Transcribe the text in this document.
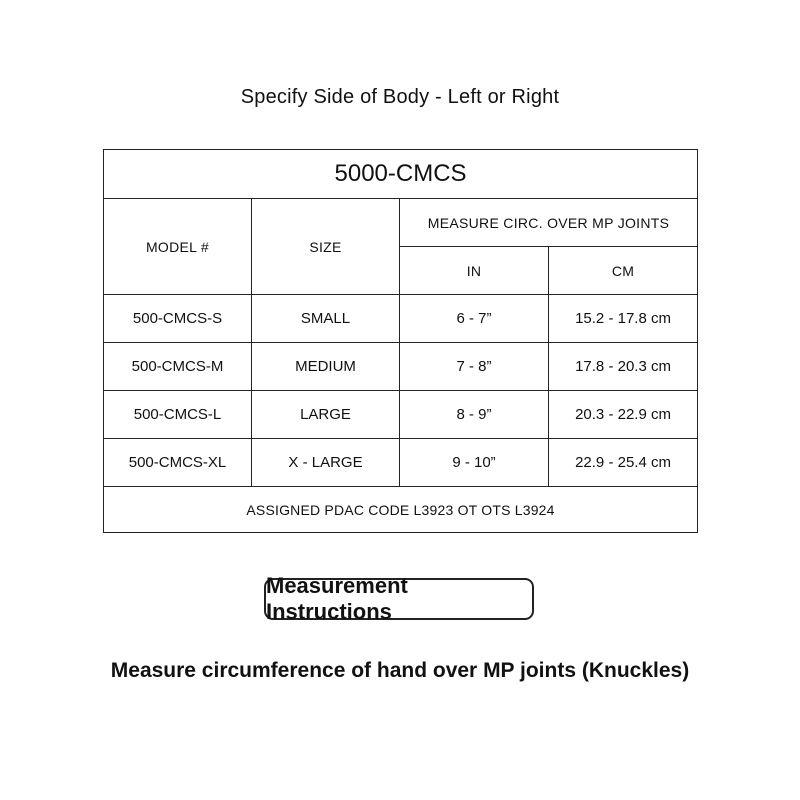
Specify Side of Body - Left or Right
5000-CMCS			
MODEL #	SIZE	MEASURE CIRC. OVER MP JOINTS	
		IN	CM
500-CMCS-S	SMALL	6 - 7”	15.2 - 17.8 cm
500-CMCS-M	MEDIUM	7 - 8”	17.8 - 20.3 cm
500-CMCS-L	LARGE	8 - 9”	20.3 - 22.9 cm
500-CMCS-XL	X - LARGE	9 - 10”	22.9 - 25.4 cm
ASSIGNED PDAC CODE L3923 OT OTS L3924			
Measurement Instructions
Measure circumference of hand over MP joints (Knuckles)
